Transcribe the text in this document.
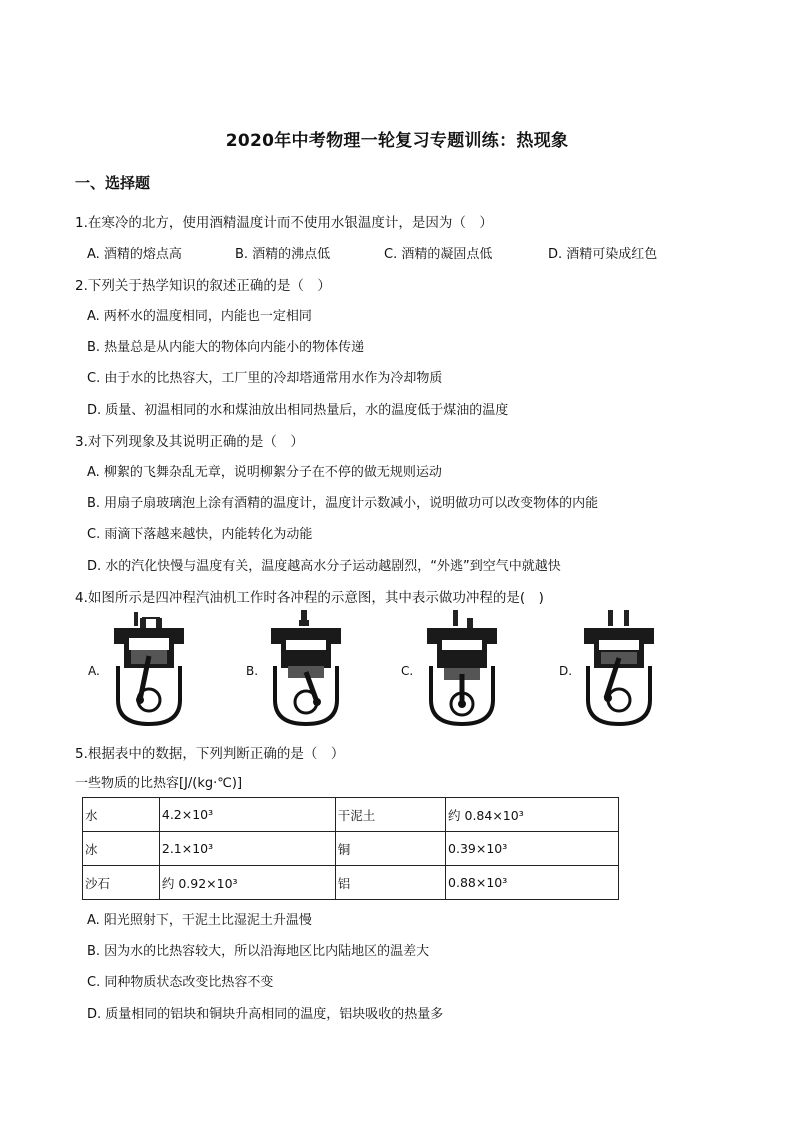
2020年中考物理一轮复习专题训练：热现象
一、选择题
1.在寒冷的北方，使用酒精温度计而不使用水银温度计，是因为（　）
A. 酒精的熔点高	B. 酒精的沸点低	C. 酒精的凝固点低	D. 酒精可染成红色
2.下列关于热学知识的叙述正确的是（　）
A. 两杯水的温度相同，内能也一定相同
B. 热量总是从内能大的物体向内能小的物体传递
C. 由于水的比热容大，工厂里的冷却塔通常用水作为冷却物质
D. 质量、初温相同的水和煤油放出相同热量后，水的温度低于煤油的温度
3.对下列现象及其说明正确的是（　）
A. 柳絮的飞舞杂乱无章，说明柳絮分子在不停的做无规则运动
B. 用扇子扇玻璃泡上涂有酒精的温度计，温度计示数减小，说明做功可以改变物体的内能
C. 雨滴下落越来越快，内能转化为动能
D. 水的汽化快慢与温度有关，温度越高水分子运动越剧烈，“外逃”到空气中就越快
4.如图所示是四冲程汽油机工作时各冲程的示意图，其中表示做功冲程的是(　)
A.	B.	C.	D.
5.根据表中的数据，下列判断正确的是（　）
一些物质的比热容[J/(kg·℃)]
水	4.2×10³	干泥土	约 0.84×10³
冰	2.1×10³	铜	0.39×10³
沙石	约 0.92×10³	铝	0.88×10³
A. 阳光照射下，干泥土比湿泥土升温慢
B. 因为水的比热容较大，所以沿海地区比内陆地区的温差大
C. 同种物质状态改变比热容不变
D. 质量相同的铝块和铜块升高相同的温度，铝块吸收的热量多
